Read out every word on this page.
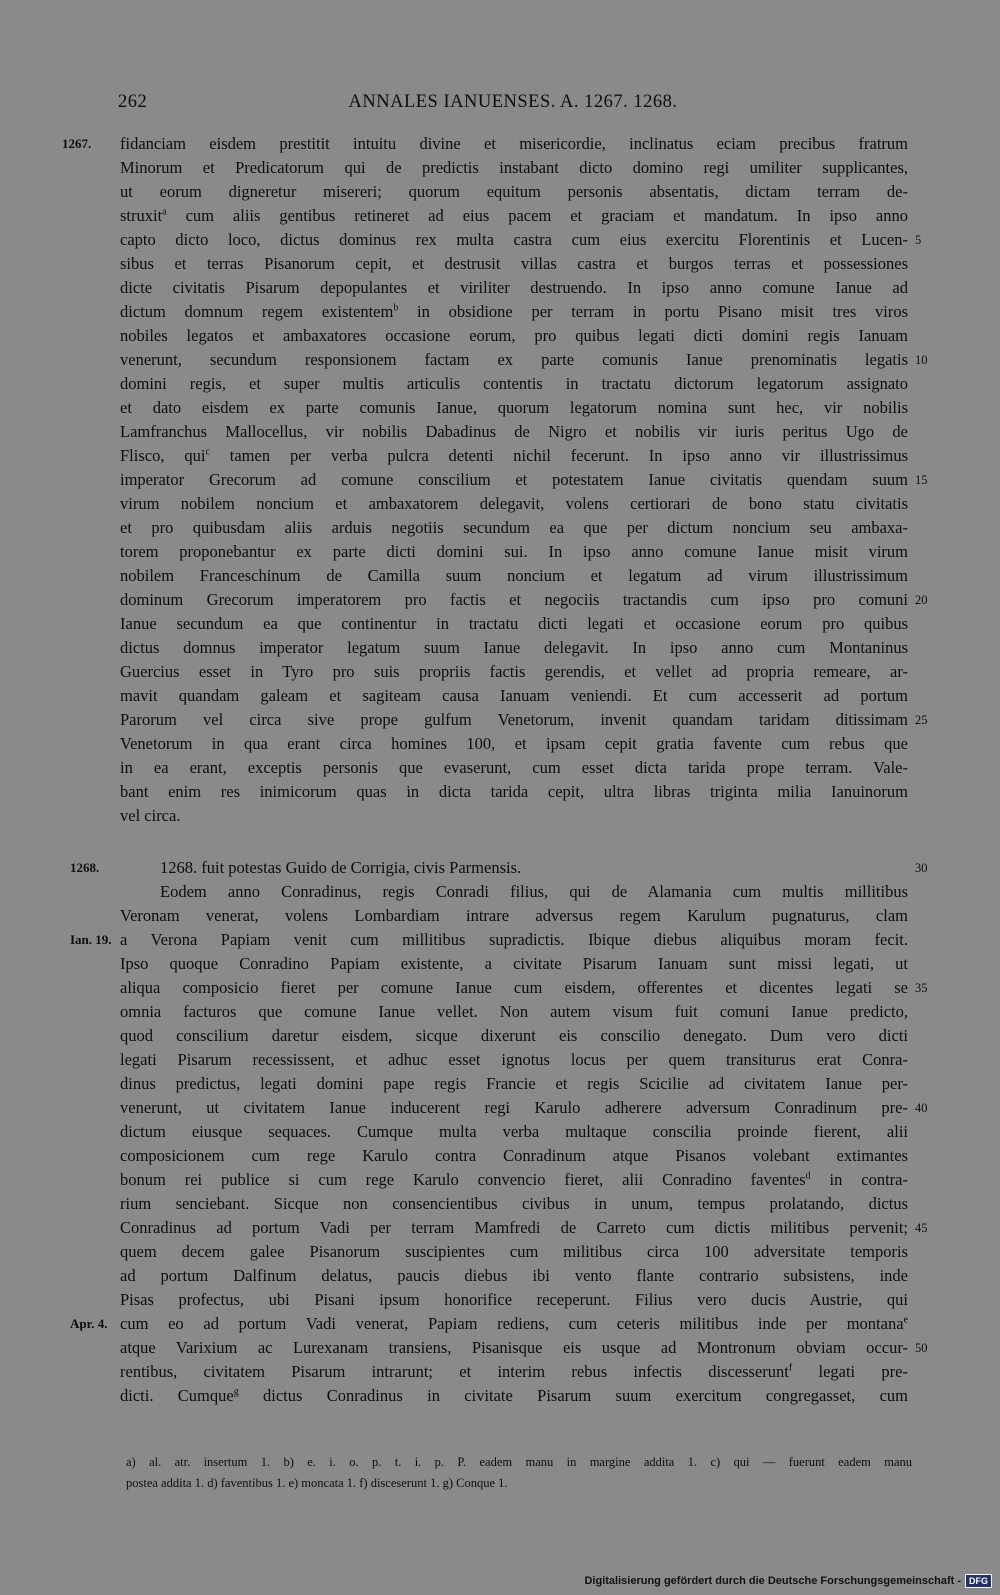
262	ANNALES IANUENSES. A. 1267. 1268.
1267. fidanciam eisdem prestitit intuitu divine et misericordie, inclinatus eciam precibus fratrum
Minorum et Predicatorum qui de predictis instabant dicto domino regi umiliter supplicantes,
ut eorum digneretur misereri; quorum equitum personis absentatis, dictam terram de-
struxit$^a$ cum aliis gentibus retineret ad eius pacem et graciam et mandatum. In ipso anno
capto dicto loco, dictus dominus rex multa castra cum eius exercitu Florentinis et Lucen-
sibus et terras Pisanorum cepit, et destrusit villas castra et burgos terras et possessiones
dicte civitatis Pisarum depopulantes et viriliter destruendo. In ipso anno comune Ianue ad
dictum domnum regem existentem$^b$ in obsidione per terram in portu Pisano misit tres viros
nobiles legatos et ambaxatores occasione eorum, pro quibus legati dicti domini regis Ianuam
venerunt, secundum responsionem factam ex parte comunis Ianue prenominatis legatis
domini regis, et super multis articulis contentis in tractatu dictorum legatorum assignato
et dato eisdem ex parte comunis Ianue, quorum legatorum nomina sunt hec, vir nobilis
Lamfranchus Mallocellus, vir nobilis Dabadinus de Nigro et nobilis vir iuris peritus Ugo de
Flisco, qui$^c$ tamen per verba pulcra detenti nichil fecerunt. In ipso anno vir illustrissimus
imperator Grecorum ad comune conscilium et potestatem Ianue civitatis quendam suum
virum nobilem noncium et ambaxatorem delegavit, volens certiorari de bono statu civitatis
et pro quibusdam aliis arduis negotiis secundum ea que per dictum noncium seu ambaxa-
torem proponebantur ex parte dicti domini sui. In ipso anno comune Ianue misit virum
nobilem Franceschinum de Camilla suum noncium et legatum ad virum illustrissimum
dominum Grecorum imperatorem pro factis et negociis tractandis cum ipso pro comuni
Ianue secundum ea que continentur in tractatu dicti legati et occasione eorum pro quibus
dictus domnus imperator legatum suum Ianue delegavit. In ipso anno cum Montaninus
Guercius esset in Tyro pro suis propriis factis gerendis, et vellet ad propria remeare, ar-
mavit quandam galeam et sagiteam causa Ianuam veniendi. Et cum accesserit ad portum
Parorum vel circa sive prope gulfum Venetorum, invenit quandam taridam ditissimam
Venetorum in qua erant circa homines 100, et ipsam cepit gratia favente cum rebus que
in ea erant, exceptis personis que evaserunt, cum esset dicta tarida prope terram. Vale-
bant enim res inimicorum quas in dicta tarida cepit, ultra libras triginta milia Ianuinorum
vel circa.
5
10
15
20
25
1268.
Ian. 19.
Apr. 4.
1268. fuit potestas Guido de Corrigia, civis Parmensis.
Eodem anno Conradinus, regis Conradi filius, qui de Alamania cum multis millitibus
Veronam venerat, volens Lombardiam intrare adversus regem Karulum pugnaturus, clam
a Verona Papiam venit cum millitibus supradictis. Ibique diebus aliquibus moram fecit.
Ipso quoque Conradino Papiam existente, a civitate Pisarum Ianuam sunt missi legati, ut
aliqua composicio fieret per comune Ianue cum eisdem, offerentes et dicentes legati se
omnia facturos que comune Ianue vellet. Non autem visum fuit comuni Ianue predicto,
quod conscilium daretur eisdem, sicque dixerunt eis conscilio denegato. Dum vero dicti
legati Pisarum recessissent, et adhuc esset ignotus locus per quem transiturus erat Conra-
dinus predictus, legati domini pape regis Francie et regis Scicilie ad civitatem Ianue per-
venerunt, ut civitatem Ianue inducerent regi Karulo adherere adversum Conradinum pre-
dictum eiusque sequaces. Cumque multa verba multaque conscilia proinde fierent, alii
composicionem cum rege Karulo contra Conradinum atque Pisanos volebant extimantes
bonum rei publice si cum rege Karulo convencio fieret, alii Conradino faventes$^d$ in contra-
rium senciebant. Sicque non consencientibus civibus in unum, tempus prolatando, dictus
Conradinus ad portum Vadi per terram Mamfredi de Carreto cum dictis militibus pervenit;
quem decem galee Pisanorum suscipientes cum militibus circa 100 adversitate temporis
ad portum Dalfinum delatus, paucis diebus ibi vento flante contrario subsistens, inde
Pisas profectus, ubi Pisani ipsum honorifice receperunt. Filius vero ducis Austrie, qui
cum eo ad portum Vadi venerat, Papiam rediens, cum ceteris militibus inde per montana$^e$
atque Varixium ac Lurexanam transiens, Pisanisque eis usque ad Montronum obviam occur-
rentibus, civitatem Pisarum intrarunt; et interim rebus infectis discesserunt$^f$ legati pre-
dicti. Cumque$^g$ dictus Conradinus in civitate Pisarum suum exercitum congregasset, cum
30
35
40
45
50
a) al. atr. insertum 1. b) e. i. o. p. t. i. p. P. eadem manu in margine addita 1. c) qui — fuerunt eadem manu
postea addita 1. d) faventibus 1. e) moncata 1. f) disceserunt 1. g) Conque 1.
Digitalisierung gefördert durch die Deutsche Forschungsgemeinschaft - DFG
